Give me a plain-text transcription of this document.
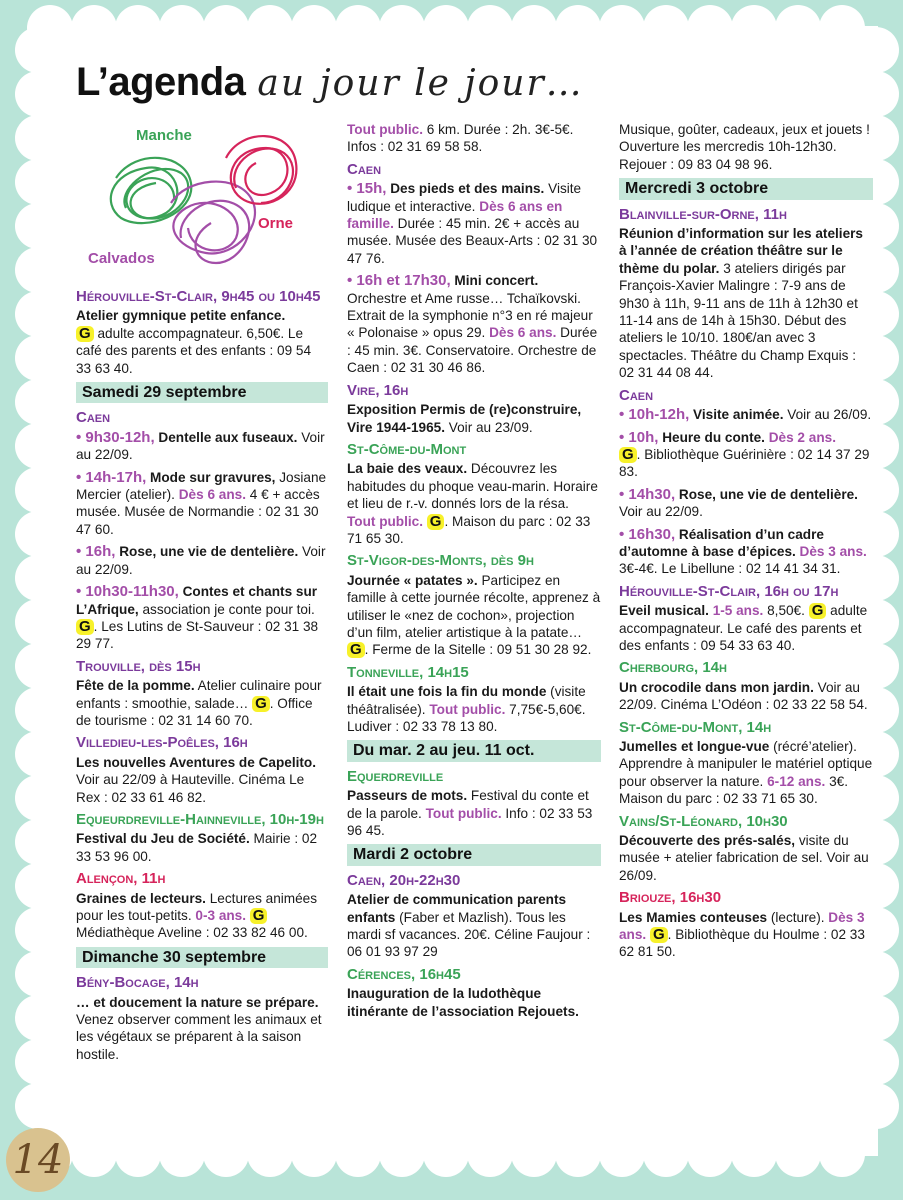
L’agenda au jour le jour…
Manche
Orne
Calvados
Hérouville-St-Clair, 9h45 ou 10h45

Atelier gymnique petite enfance.
G adulte accompagnateur. 6,50€. Le café des parents et des enfants : 09 54 33 63 40.

Samedi 29 septembre
Caen

• 9h30-12h, Dentelle aux fuseaux. Voir au 22/09.

• 14h-17h, Mode sur gravures, Josiane Mercier (atelier). Dès 6 ans. 4 € + accès musée. Musée de Normandie : 02 31 30 47 60.

• 16h, Rose, une vie de dentelière. Voir au 22/09.

• 10h30-11h30, Contes et chants sur L’Afrique, association je conte pour toi. G . Les Lutins de St-Sauveur : 02 31 38 29 77.

Trouville, dès 15h

Fête de la pomme. Atelier culinaire pour enfants : smoothie, salade… G . Office de tourisme : 02 31 14 60 70.

Villedieu-les-Poêles, 16h

Les nouvelles Aventures de Capelito. Voir au 22/09 à Hauteville. Cinéma Le Rex : 02 33 61 46 82.

Equeurdreville-Hainneville, 10h-19h

Festival du Jeu de Société. Mairie : 02 33 53 96 00.

Alençon, 11h

Graines de lecteurs. Lectures animées pour les tout-petits. 0-3 ans. G Médiathèque Aveline : 02 33 82 46 00.

Dimanche 30 septembre
Bény-Bocage, 14h

… et doucement la nature se prépare. Venez observer comment les animaux et les végétaux se préparent à la saison hostile.

Tout public. 6 km. Durée : 2h. 3€-5€. Infos : 02 31 69 58 58.

Caen

• 15h, Des pieds et des mains. Visite ludique et interactive. Dès 6 ans en famille. Durée : 45 min. 2€ + accès au musée. Musée des Beaux-Arts : 02 31 30 47 76.

• 16h et 17h30, Mini concert. Orchestre et Ame russe… Tchaïkovski. Extrait de la symphonie n°3 en ré majeur « Polonaise » opus 29. Dès 6 ans. Durée : 45 min. 3€. Conservatoire. Orchestre de Caen : 02 31 30 46 86.

Vire, 16h

Exposition Permis de (re)construire, Vire 1944-1965. Voir au 23/09.

St-Côme-du-Mont

La baie des veaux. Découvrez les habitudes du phoque veau-marin. Horaire et lieu de r.-v. donnés lors de la résa. Tout public. G . Maison du parc : 02 33 71 65 30.

St-Vigor-des-Monts, dès 9h

Journée « patates ». Participez en famille à cette journée récolte, apprenez à utiliser le «nez de cochon», projection d’un film, atelier artistique à la patate… G . Ferme de la Sitelle : 09 51 30 28 92.

Tonneville, 14h15

Il était une fois la fin du monde (visite théâtralisée). Tout public. 7,75€-5,60€. Ludiver : 02 33 78 13 80.

Du mar. 2 au jeu. 11 oct.
Equerdreville

Passeurs de mots. Festival du conte et de la parole. Tout public. Info : 02 33 53 96 45.

Mardi 2 octobre
Caen, 20h-22h30

Atelier de communication parents enfants (Faber et Mazlish). Tous les mardi sf vacances. 20€. Céline Faujour : 06 01 93 97 29

Cérences, 16h45

Inauguration de la ludothèque itinérante de l’association Rejouets.

Musique, goûter, cadeaux, jeux et jouets ! Ouverture les mercredis 10h-12h30. Rejouer : 09 83 04 98 96.

Mercredi 3 octobre
Blainville-sur-Orne, 11h

Réunion d’information sur les ateliers à l’année de création théâtre sur le thème du polar. 3 ateliers dirigés par François-Xavier Malingre : 7-9 ans de 9h30 à 11h, 9-11 ans de 11h à 12h30 et 11-14 ans de 14h à 15h30. Début des ateliers le 10/10. 180€/an avec 3 spectacles. Théâtre du Champ Exquis : 02 31 44 08 44.

Caen

• 10h-12h, Visite animée. Voir au 26/09.

• 10h, Heure du conte. Dès 2 ans.
G . Bibliothèque Guérinière : 02 14 37 29 83.

• 14h30, Rose, une vie de dentelière. Voir au 22/09.

• 16h30, Réalisation d’un cadre d’automne à base d’épices. Dès 3 ans. 3€-4€. Le Libellune : 02 14 41 34 31.

Hérouville-St-Clair, 16h ou 17h

Eveil musical. 1-5 ans. 8,50€. G adulte accompagnateur. Le café des parents et des enfants : 09 54 33 63 40.

Cherbourg, 14h

Un crocodile dans mon jardin. Voir au 22/09. Cinéma L’Odéon : 02 33 22 58 54.

St-Côme-du-Mont, 14h

Jumelles et longue-vue (récré’atelier). Apprendre à manipuler le matériel optique pour observer la nature. 6-12 ans. 3€. Maison du parc : 02 33 71 65 30.

Vains/St-Léonard, 10h30

Découverte des prés-salés, visite du musée + atelier fabrication de sel. Voir au 26/09.

Briouze, 16h30

Les Mamies conteuses (lecture). Dès 3 ans. G . Bibliothèque du Houlme : 02 33 62 81 50.

14
